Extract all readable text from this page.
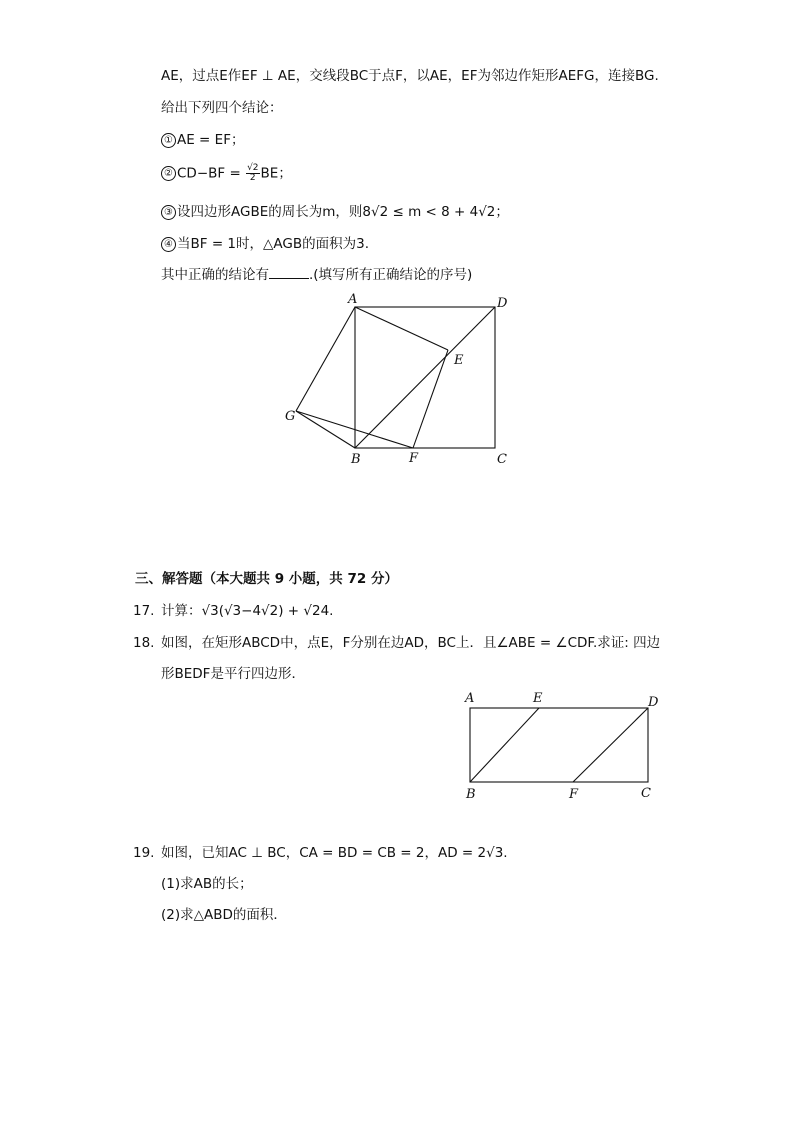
AE，过点E作EF ⊥ AE，交线段BC于点F，以AE，EF为邻边作矩形AEFG，连接BG.
给出下列四个结论：
① AE = EF；
② $CD-BF = \frac{√2}{2}$ BE；
③ 设四边形AGBE的周长为m，则8√2 ≤ m < 8 + 4√2；
④ 当BF = 1时，△AGB的面积为3.
其中正确的结论有	.(填写所有正确结论的序号)
A	D
E
G
B	F	C
三、解答题（本大题共 9 小题，共 72 分）
17. 计算：√3(√3−4√2) + √24.
18. 如图，在矩形ABCD中，点E，F分别在边AD，BC上．且∠ABE = ∠CDF.求证: 四边
形BEDF是平行四边形．
A	E	D
B	F	C
19. 如图，已知AC ⊥ BC，CA = BD = CB = 2，AD = 2√3.
(1)求AB的长；
(2)求△ABD的面积．
